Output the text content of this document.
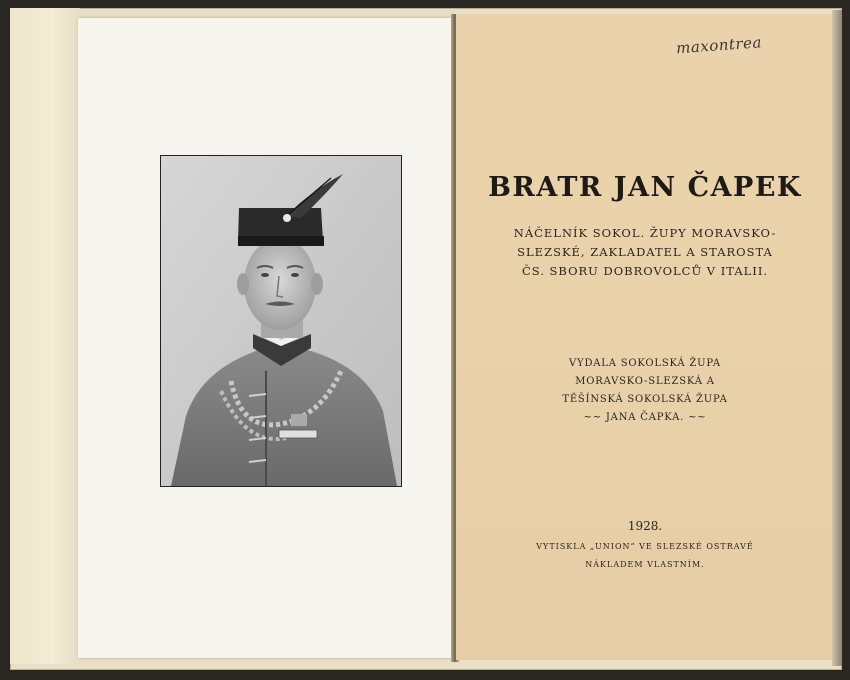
maxontrea
BRATR JAN ČAPEK
NÁČELNÍK SOKOL. ŽUPY MORAVSKO-
SLEZSKÉ, ZAKLADATEL A STAROSTA
ČS. SBORU DOBROVOLCŮ V ITALII.
VYDALA SOKOLSKÁ ŽUPA
MORAVSKO-SLEZSKÁ A
TĚŠÍNSKÁ SOKOLSKÁ ŽUPA
~~ JANA ČAPKA. ~~
1928.
VYTISKLA „UNION“ VE SLEZSKÉ OSTRAVĚ
NÁKLADEM VLASTNÍM.
